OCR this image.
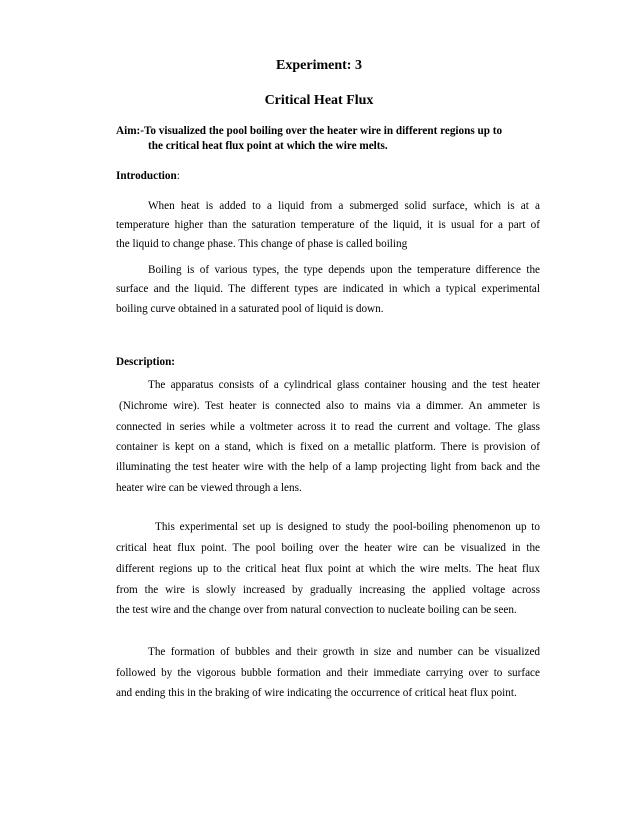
Experiment: 3
Critical Heat Flux
Aim:-To visualized the pool boiling over the heater wire in different regions up to
the critical heat flux point at which the wire melts.
Introduction:
When heat is added to a liquid from a submerged solid surface, which is at a
temperature higher than the saturation temperature of the liquid, it is usual for a part of
the liquid to change phase. This change of phase is called boiling
Boiling is of various types, the type depends upon the temperature difference the
surface and the liquid. The different types are indicated in which a typical experimental
boiling curve obtained in a saturated pool of liquid is down.
Description:
The apparatus consists of a cylindrical glass container housing and the test heater
(Nichrome wire). Test heater is connected also to mains via a dimmer. An ammeter is
connected in series while a voltmeter across it to read the current and voltage. The glass
container is kept on a stand, which is fixed on a metallic platform. There is provision of
illuminating the test heater wire with the help of a lamp projecting light from back and the
heater wire can be viewed through a lens.
This experimental set up is designed to study the pool-boiling phenomenon up to
critical heat flux point. The pool boiling over the heater wire can be visualized in the
different regions up to the critical heat flux point at which the wire melts. The heat flux
from the wire is slowly increased by gradually increasing the applied voltage across
the test wire and the change over from natural convection to nucleate boiling can be seen.
The formation of bubbles and their growth in size and number can be visualized
followed by the vigorous bubble formation and their immediate carrying over to surface
and ending this in the braking of wire indicating the occurrence of critical heat flux point.
